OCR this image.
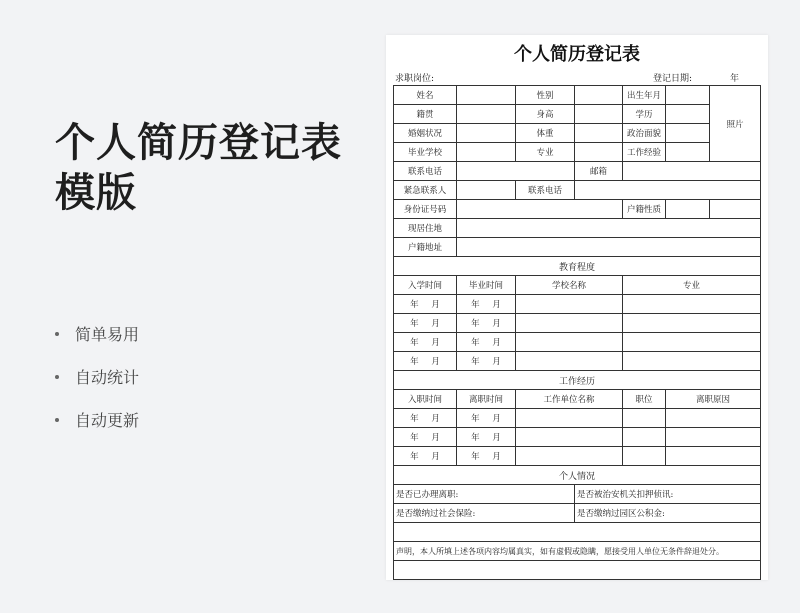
个人简历登记表
模版
简单易用
自动统计
自动更新
个人简历登记表
求职岗位:	登记日期:	年
姓名		性别		出生年月		照片
籍贯		身高		学历		
婚姻状况		体重		政治面貌		
毕业学校		专业		工作经验		
联系电话			邮箱			
紧急联系人		联系电话				
身份证号码				户籍性质		
现居住地						
户籍地址						
教育程度						
入学时间	毕业时间	学校名称		专业		
年   月	年   月					
年   月	年   月					
年   月	年   月					
年   月	年   月					
工作经历						
入职时间	离职时间	工作单位名称		职位	离职原因	
年   月	年   月					
年   月	年   月					
年   月	年   月					
个人情况						
是否已办理离职:			是否被治安机关扣押侦讯:			
是否缴纳过社会保险:			是否缴纳过园区公积金:			

声明，本人所填上述各项内容均属真实，如有虚假或隐瞒，愿接受用人单位无条件辞退处分。						
